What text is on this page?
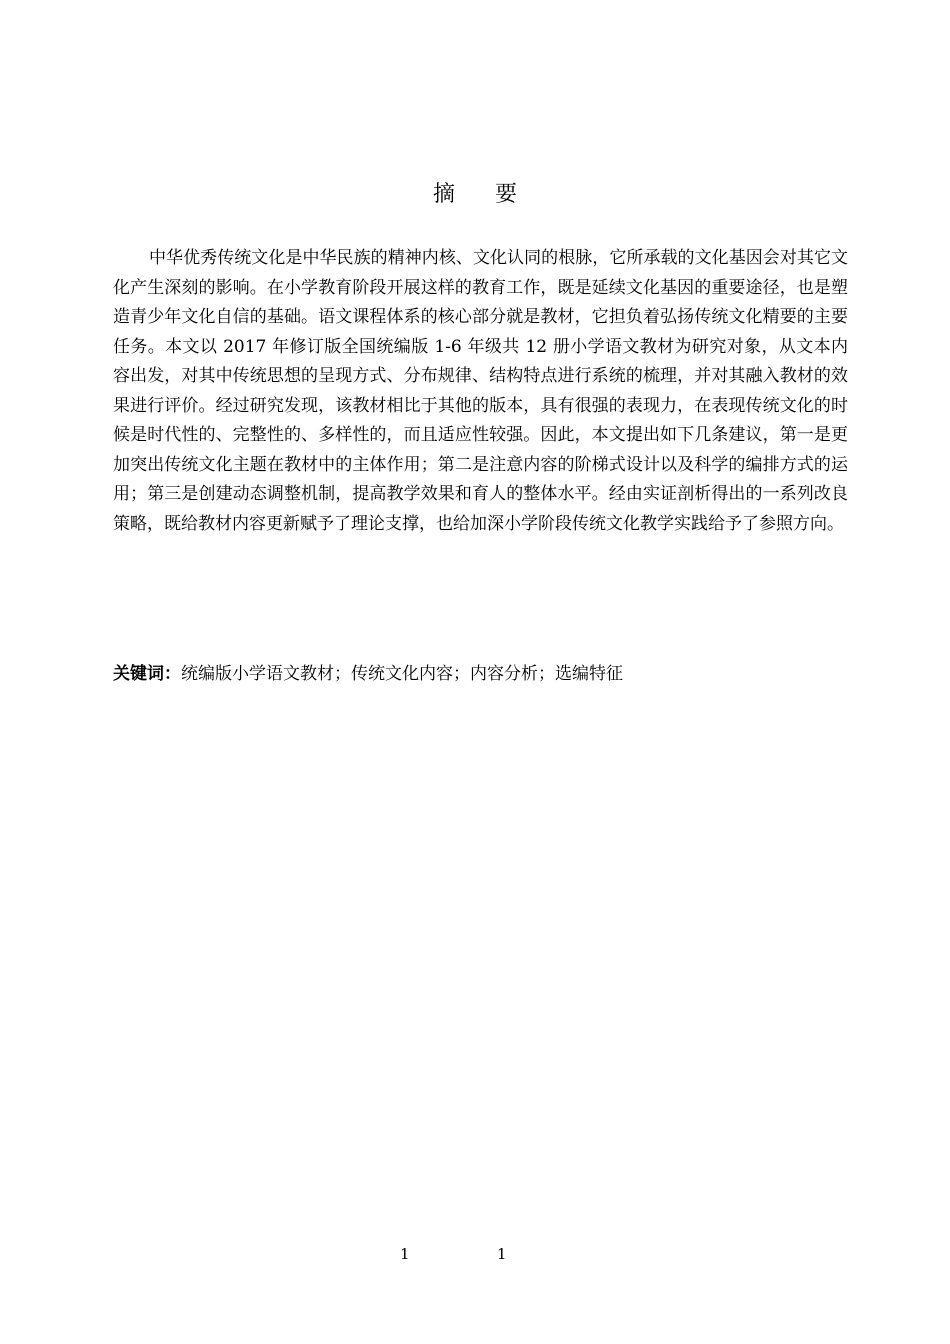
摘要

中华优秀传统文化是中华民族的精神内核、文化认同的根脉，它所承载的文化基因会对其它文化产生深刻的影响。在小学教育阶段开展这样的教育工作，既是延续文化基因的重要途径，也是塑造青少年文化自信的基础。语文课程体系的核心部分就是教材，它担负着弘扬传统文化精要的主要任务。本文以 2017 年修订版全国统编版 1-6 年级共 12 册小学语文教材为研究对象，从文本内容出发，对其中传统思想的呈现方式、分布规律、结构特点进行系统的梳理，并对其融入教材的效果进行评价。经过研究发现，该教材相比于其他的版本，具有很强的表现力，在表现传统文化的时候是时代性的、完整性的、多样性的，而且适应性较强。因此，本文提出如下几条建议，第一是更加突出传统文化主题在教材中的主体作用；第二是注意内容的阶梯式设计以及科学的编排方式的运用；第三是创建动态调整机制，提高教学效果和育人的整体水平。经由实证剖析得出的一系列改良策略，既给教材内容更新赋予了理论支撑，也给加深小学阶段传统文化教学实践给予了参照方向。

关键词：统编版小学语文教材；传统文化内容；内容分析；选编特征

1	1
